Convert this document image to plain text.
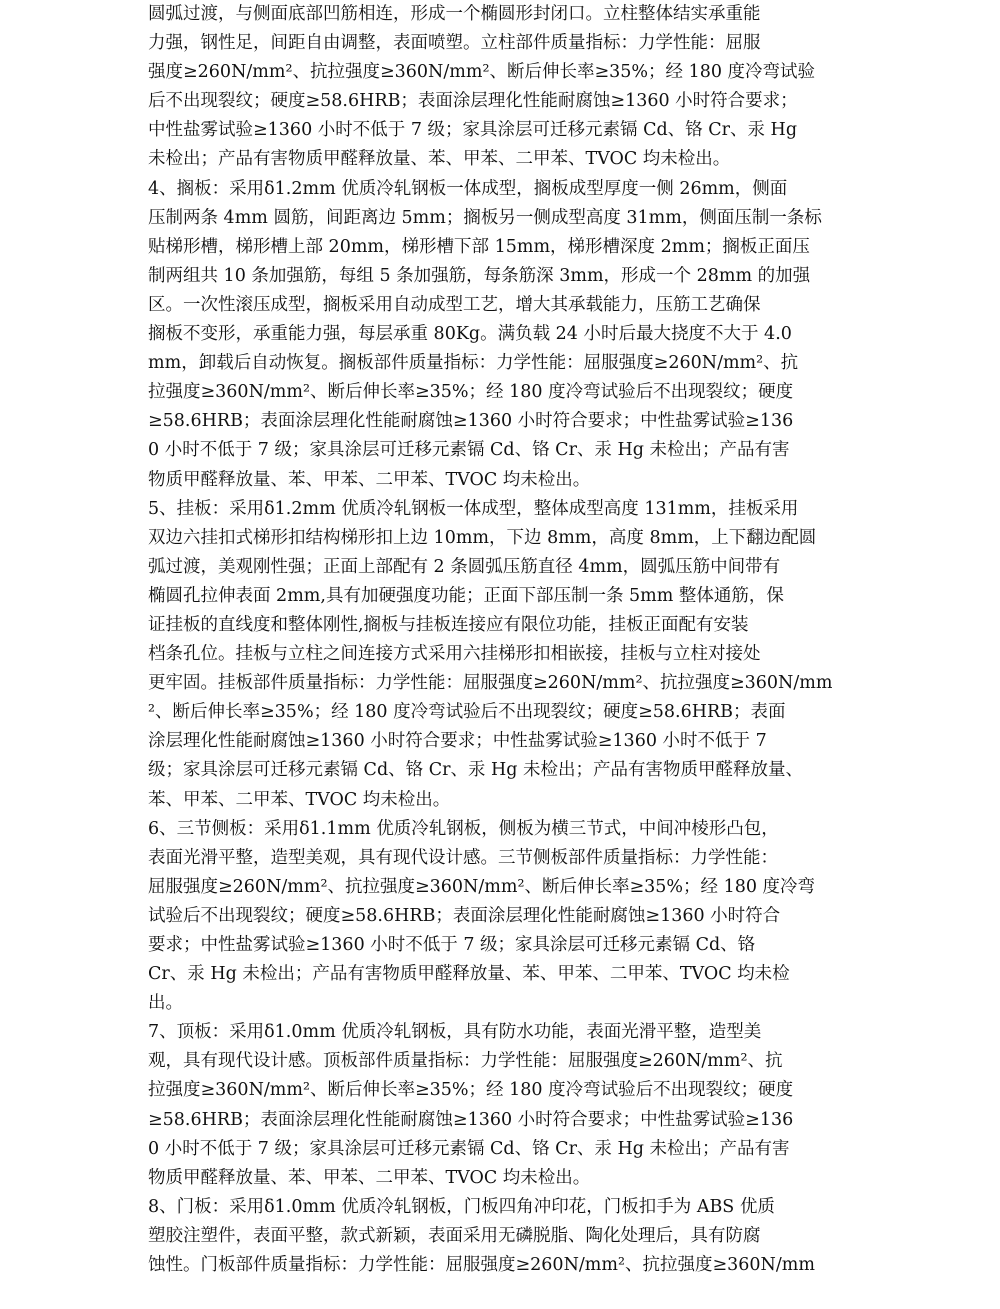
圆弧过渡，与侧面底部凹筋相连，形成一个椭圆形封闭口。立柱整体结实承重能
力强，钢性足，间距自由调整，表面喷塑。立柱部件质量指标：力学性能：屈服
强度≥260N/mm²、抗拉强度≥360N/mm²、断后伸长率≥35%；经 180 度冷弯试验
后不出现裂纹；硬度≥58.6HRB；表面涂层理化性能耐腐蚀≥1360 小时符合要求；
中性盐雾试验≥1360 小时不低于 7 级；家具涂层可迁移元素镉 Cd、铬 Cr、汞 Hg
未检出；产品有害物质甲醛释放量、苯、甲苯、二甲苯、TVOC 均未检出。
4、搁板：采用δ1.2mm 优质冷轧钢板一体成型，搁板成型厚度一侧 26mm，侧面
压制两条 4mm 圆筋，间距离边 5mm；搁板另一侧成型高度 31mm，侧面压制一条标
贴梯形槽，梯形槽上部 20mm，梯形槽下部 15mm，梯形槽深度 2mm；搁板正面压
制两组共 10 条加强筋，每组 5 条加强筋，每条筋深 3mm，形成一个 28mm 的加强
区。一次性滚压成型，搁板采用自动成型工艺，增大其承载能力，压筋工艺确保
搁板不变形，承重能力强，每层承重 80Kg。满负载 24 小时后最大挠度不大于 4.0
mm，卸载后自动恢复。搁板部件质量指标：力学性能：屈服强度≥260N/mm²、抗
拉强度≥360N/mm²、断后伸长率≥35%；经 180 度冷弯试验后不出现裂纹；硬度
≥58.6HRB；表面涂层理化性能耐腐蚀≥1360 小时符合要求；中性盐雾试验≥136
0 小时不低于 7 级；家具涂层可迁移元素镉 Cd、铬 Cr、汞 Hg 未检出；产品有害
物质甲醛释放量、苯、甲苯、二甲苯、TVOC 均未检出。
5、挂板：采用δ1.2mm 优质冷轧钢板一体成型，整体成型高度 131mm，挂板采用
双边六挂扣式梯形扣结构梯形扣上边 10mm，下边 8mm，高度 8mm，上下翻边配圆
弧过渡，美观刚性强；正面上部配有 2 条圆弧压筋直径 4mm，圆弧压筋中间带有
椭圆孔拉伸表面 2mm,具有加硬强度功能；正面下部压制一条 5mm 整体通筋，保
证挂板的直线度和整体刚性,搁板与挂板连接应有限位功能，挂板正面配有安装
档条孔位。挂板与立柱之间连接方式采用六挂梯形扣相嵌接，挂板与立柱对接处
更牢固。挂板部件质量指标：力学性能：屈服强度≥260N/mm²、抗拉强度≥360N/mm
²、断后伸长率≥35%；经 180 度冷弯试验后不出现裂纹；硬度≥58.6HRB；表面
涂层理化性能耐腐蚀≥1360 小时符合要求；中性盐雾试验≥1360 小时不低于 7
级；家具涂层可迁移元素镉 Cd、铬 Cr、汞 Hg 未检出；产品有害物质甲醛释放量、
苯、甲苯、二甲苯、TVOC 均未检出。
6、三节侧板：采用δ1.1mm 优质冷轧钢板，侧板为横三节式，中间冲棱形凸包，
表面光滑平整，造型美观，具有现代设计感。三节侧板部件质量指标：力学性能：
屈服强度≥260N/mm²、抗拉强度≥360N/mm²、断后伸长率≥35%；经 180 度冷弯
试验后不出现裂纹；硬度≥58.6HRB；表面涂层理化性能耐腐蚀≥1360 小时符合
要求；中性盐雾试验≥1360 小时不低于 7 级；家具涂层可迁移元素镉 Cd、铬
Cr、汞 Hg 未检出；产品有害物质甲醛释放量、苯、甲苯、二甲苯、TVOC 均未检
出。
7、顶板：采用δ1.0mm 优质冷轧钢板，具有防水功能，表面光滑平整，造型美
观，具有现代设计感。顶板部件质量指标：力学性能：屈服强度≥260N/mm²、抗
拉强度≥360N/mm²、断后伸长率≥35%；经 180 度冷弯试验后不出现裂纹；硬度
≥58.6HRB；表面涂层理化性能耐腐蚀≥1360 小时符合要求；中性盐雾试验≥136
0 小时不低于 7 级；家具涂层可迁移元素镉 Cd、铬 Cr、汞 Hg 未检出；产品有害
物质甲醛释放量、苯、甲苯、二甲苯、TVOC 均未检出。
8、门板：采用δ1.0mm 优质冷轧钢板，门板四角冲印花，门板扣手为 ABS 优质
塑胶注塑件，表面平整，款式新颖，表面采用无磷脱脂、陶化处理后，具有防腐
蚀性。门板部件质量指标：力学性能：屈服强度≥260N/mm²、抗拉强度≥360N/mm
